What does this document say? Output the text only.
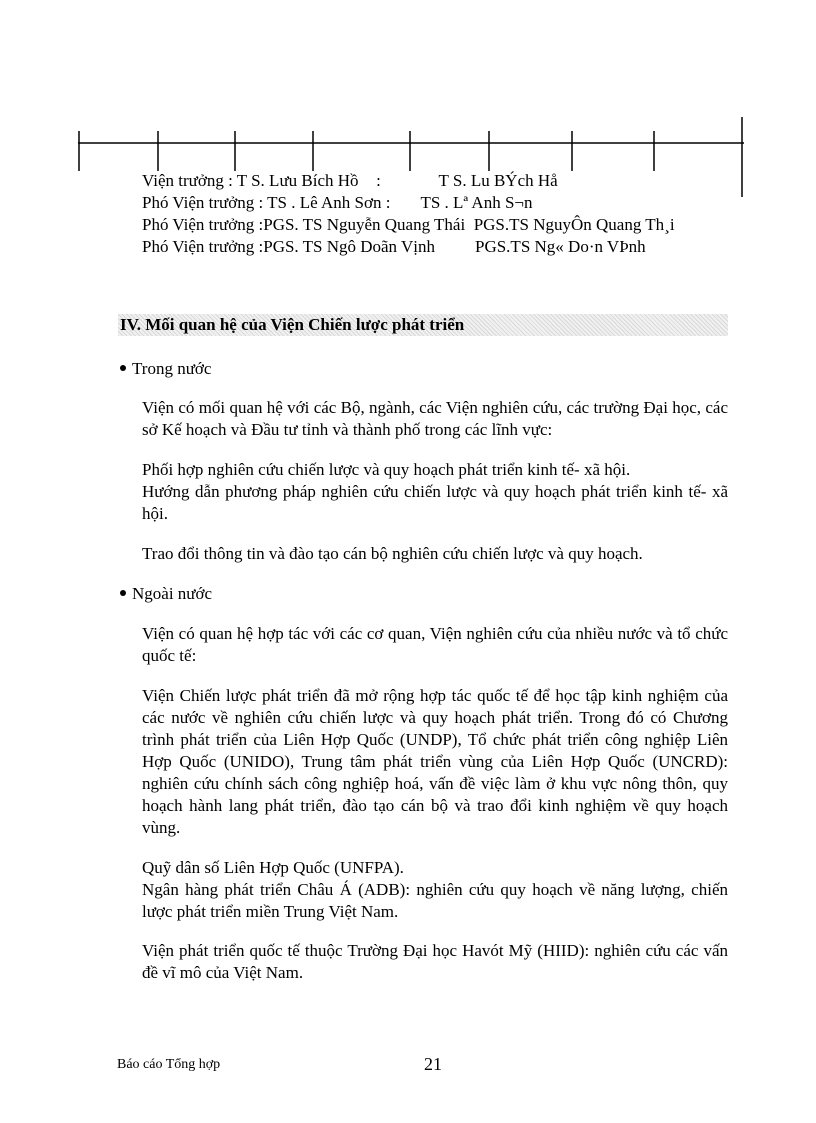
Viện trưởng : T S. Lưu Bích Hồ :	T S. Lu BÝch Hå
Phó Viện trưởng : TS . Lê Anh Sơn : TS . Lª Anh S¬n
Phó Viện trưởng :PGS. TS Nguyễn Quang Thái PGS.TS NguyÔn Quang Th¸i
Phó Viện trưởng :PGS. TS Ngô Doãn Vịnh PGS.TS Ng« Do·n VÞnh
IV. Mối quan hệ của Viện Chiến lược phát triển
Trong nước

Viện có mối quan hệ với các Bộ, ngành, các Viện nghiên cứu, các trường Đại học, các sở Kế hoạch và Đầu tư tỉnh và thành phố trong các lĩnh vực:

Phối hợp nghiên cứu chiến lược và quy hoạch phát triển kinh tế- xã hội.

Hướng dẫn phương pháp nghiên cứu chiến lược và quy hoạch phát triển kinh tế- xã hội.

Trao đổi thông tin và đào tạo cán bộ nghiên cứu chiến lược và quy hoạch.

Ngoài nước

Viện có quan hệ hợp tác với các cơ quan, Viện nghiên cứu của nhiều nước và tổ chức quốc tế:

Viện Chiến lược phát triển đã mở rộng hợp tác quốc tế để học tập kinh nghiệm của các nước về nghiên cứu chiến lược và quy hoạch phát triển. Trong đó có Chương trình phát triển của Liên Hợp Quốc (UNDP), Tổ chức phát triển công nghiệp Liên Hợp Quốc (UNIDO), Trung tâm phát triển vùng của Liên Hợp Quốc (UNCRD): nghiên cứu chính sách công nghiệp hoá, vấn đề việc làm ở khu vực nông thôn, quy hoạch hành lang phát triển, đào tạo cán bộ và trao đổi kinh nghiệm về quy hoạch vùng.

Quỹ dân số Liên Hợp Quốc (UNFPA).

Ngân hàng phát triển Châu Á (ADB): nghiên cứu quy hoạch về năng lượng, chiến lược phát triển miền Trung Việt Nam.

Viện phát triển quốc tế thuộc Trường Đại học Havót Mỹ (HIID): nghiên cứu các vấn đề vĩ mô của Việt Nam.

Báo cáo Tổng hợp	21
